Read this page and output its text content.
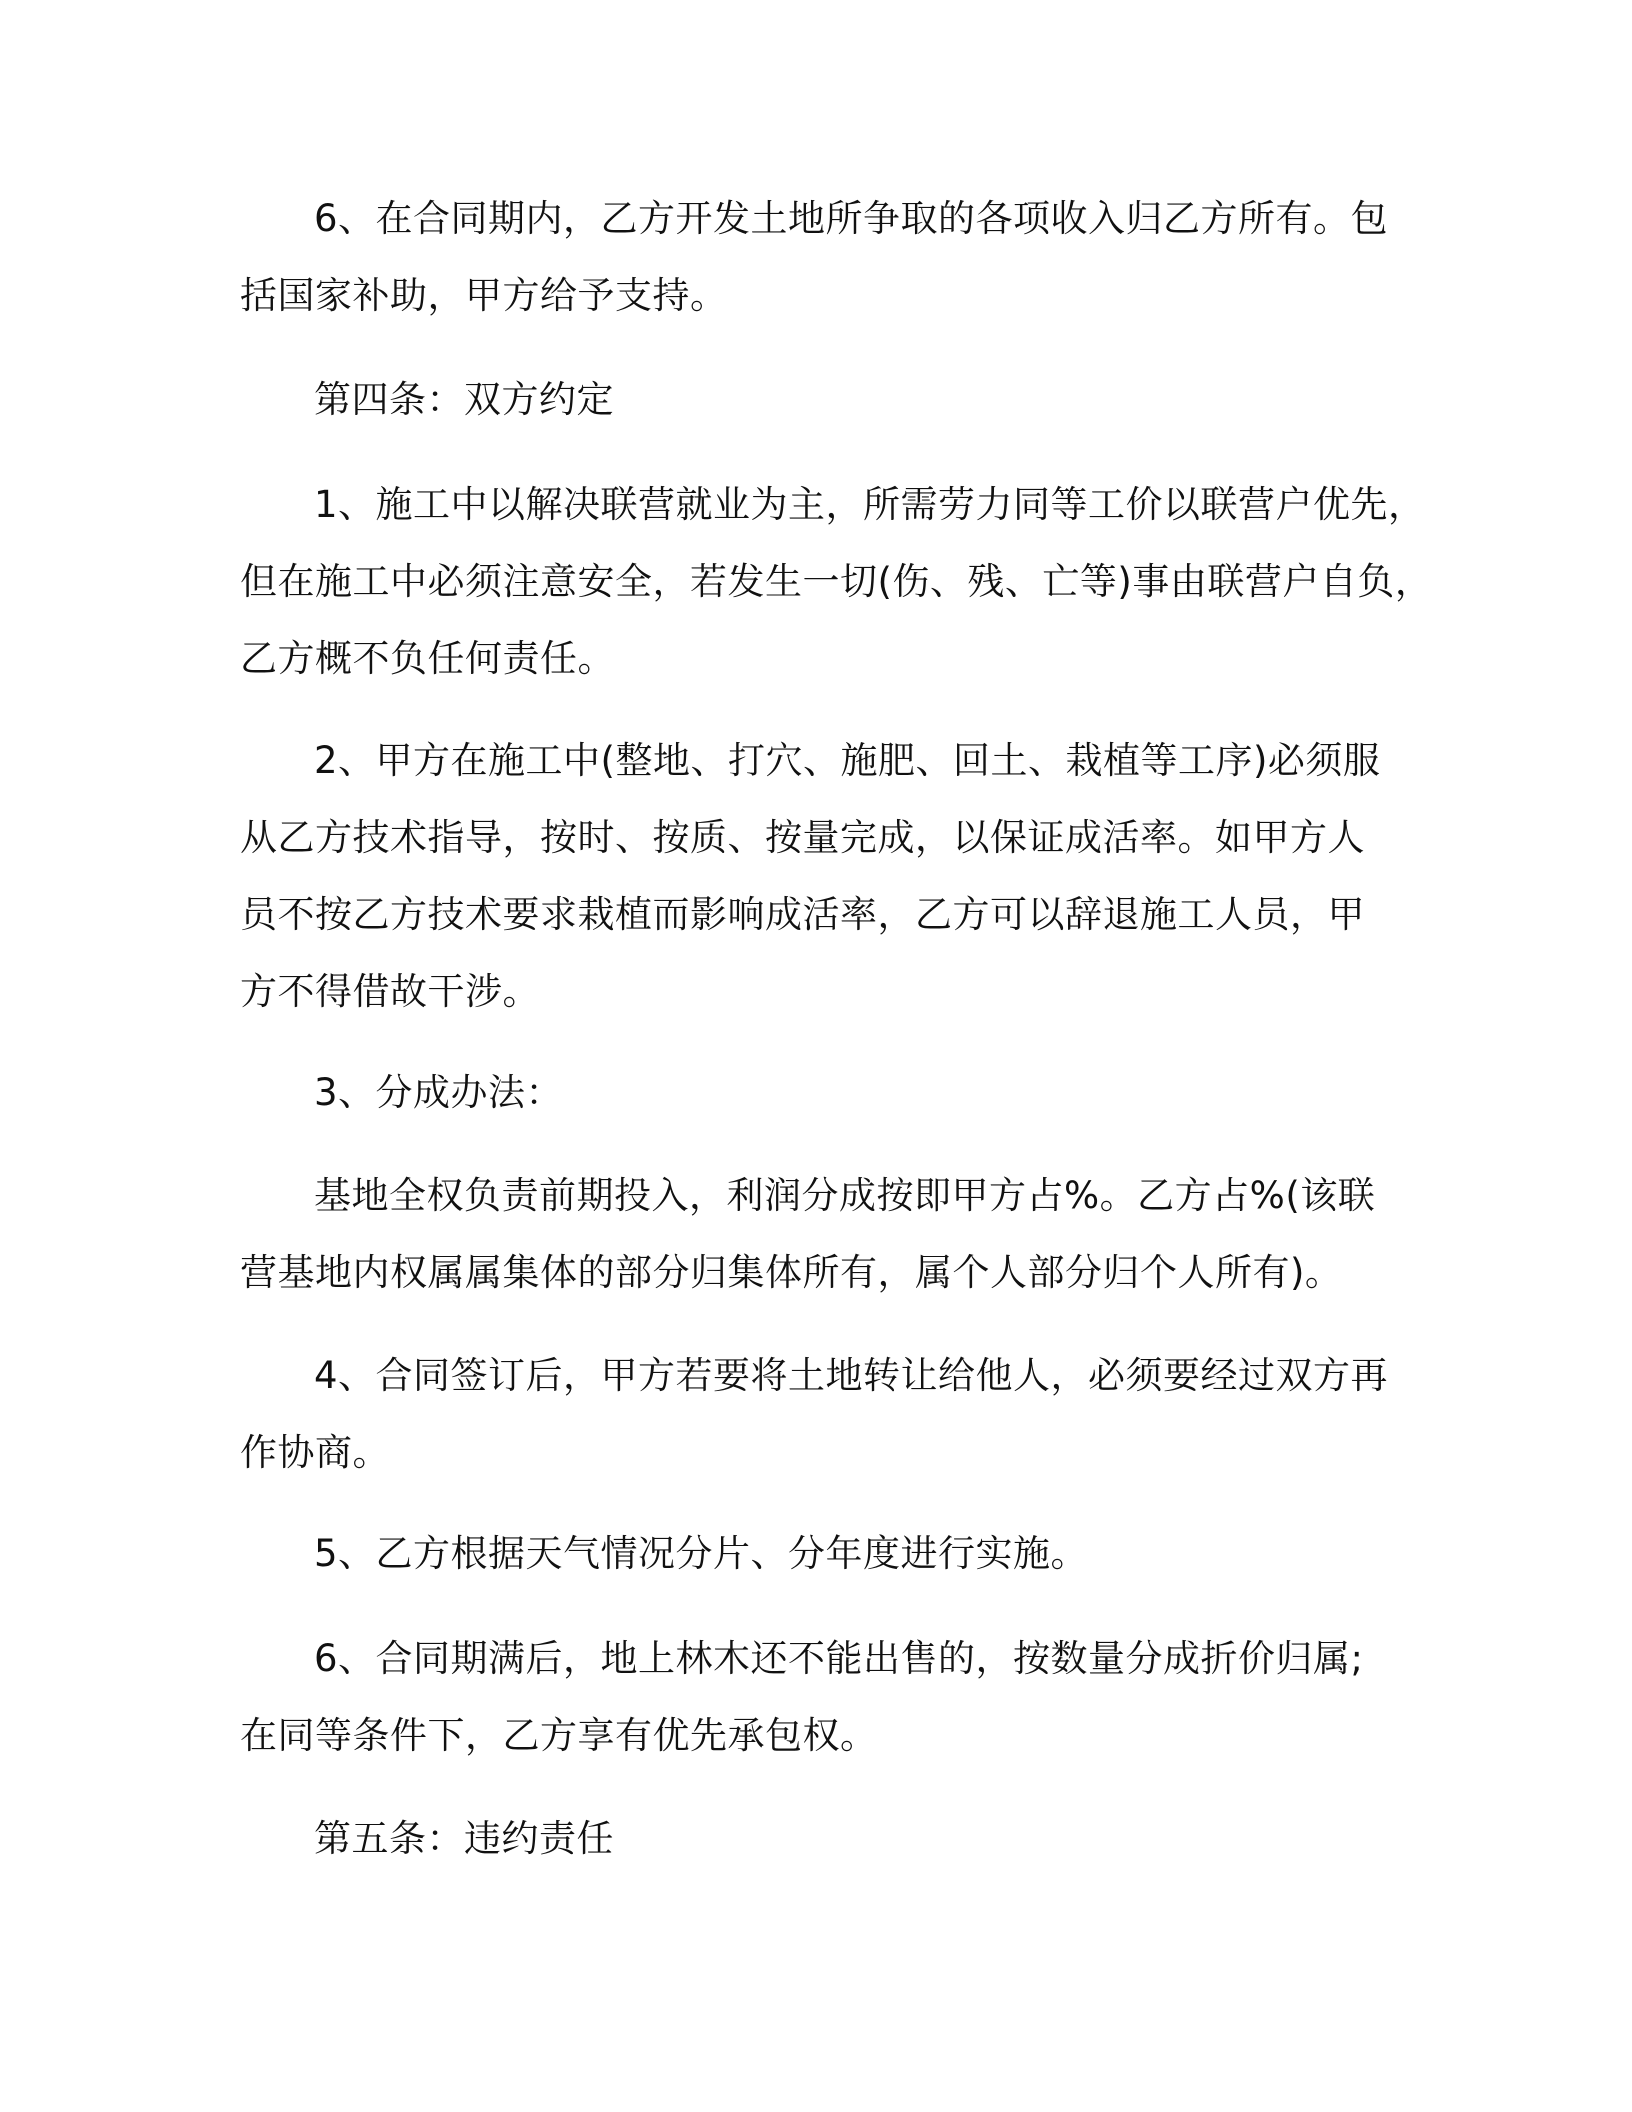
6、在合同期内，乙方开发土地所争取的各项收入归乙方所有。包
括国家补助，甲方给予支持。
第四条：双方约定
1、施工中以解决联营就业为主，所需劳力同等工价以联营户优先，
但在施工中必须注意安全，若发生一切(伤、残、亡等)事由联营户自负，
乙方概不负任何责任。
2、甲方在施工中(整地、打穴、施肥、回土、栽植等工序)必须服
从乙方技术指导，按时、按质、按量完成，以保证成活率。如甲方人
员不按乙方技术要求栽植而影响成活率，乙方可以辞退施工人员，甲
方不得借故干涉。
3、分成办法：
基地全权负责前期投入，利润分成按即甲方占%。乙方占%(该联
营基地内权属属集体的部分归集体所有，属个人部分归个人所有)。
4、合同签订后，甲方若要将土地转让给他人，必须要经过双方再
作协商。
5、乙方根据天气情况分片、分年度进行实施。
6、合同期满后，地上林木还不能出售的，按数量分成折价归属;
在同等条件下，乙方享有优先承包权。
第五条：违约责任
